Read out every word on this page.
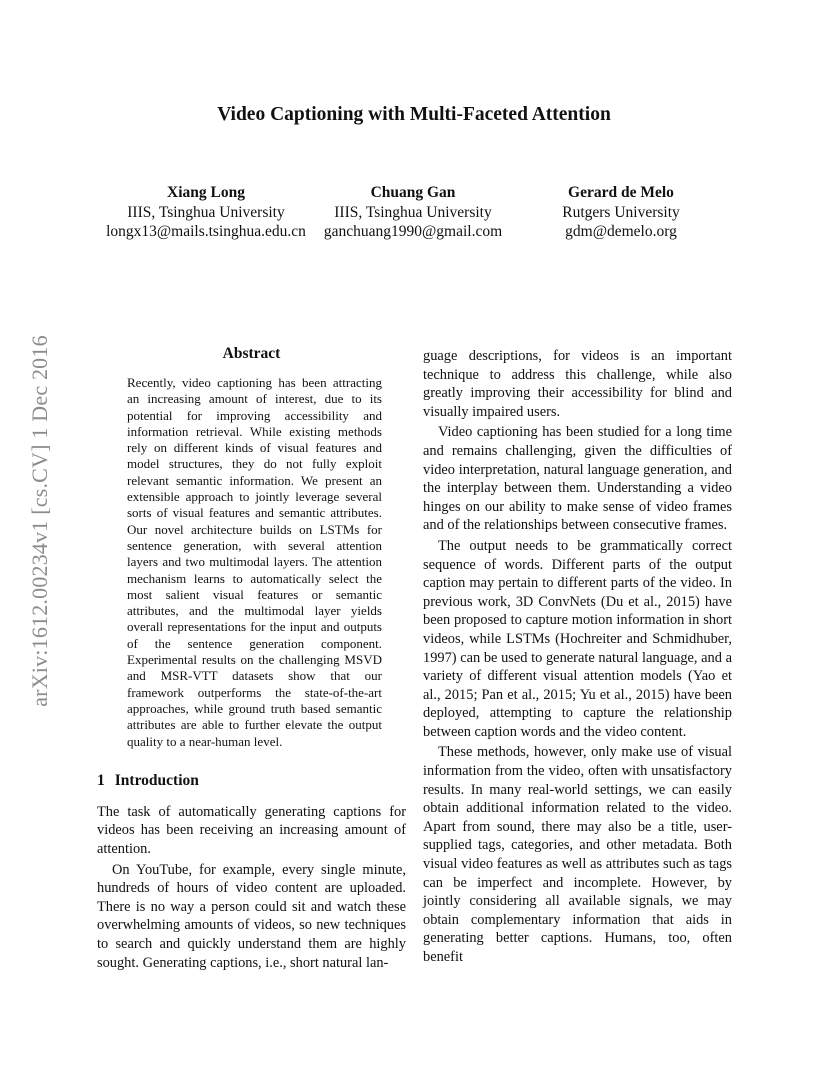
Video Captioning with Multi-Faceted Attention
Xiang Long
IIIS, Tsinghua University
longx13@mails.tsinghua.edu.cn
Chuang Gan
IIIS, Tsinghua University
ganchuang1990@gmail.com
Gerard de Melo
Rutgers University
gdm@demelo.org
arXiv:1612.00234v1 [cs.CV] 1 Dec 2016	Abstract
Recently, video captioning has been attracting an increasing amount of interest, due to its potential for improving accessibility and information retrieval. While existing methods rely on different kinds of visual features and model structures, they do not fully exploit relevant semantic information. We present an extensible approach to jointly leverage several sorts of visual features and semantic attributes. Our novel architecture builds on LSTMs for sentence generation, with several attention layers and two multimodal layers. The attention mechanism learns to automatically select the most salient visual features or semantic attributes, and the multimodal layer yields overall representations for the input and outputs of the sentence generation component. Experimental results on the challenging MSVD and MSR-VTT datasets show that our framework outperforms the state-of-the-art approaches, while ground truth based semantic attributes are able to further elevate the output quality to a near-human level.
1 Introduction

The task of automatically generating captions for videos has been receiving an increasing amount of attention.

On YouTube, for example, every single minute, hundreds of hours of video content are uploaded. There is no way a person could sit and watch these overwhelming amounts of videos, so new techniques to search and quickly understand them are highly sought. Generating captions, i.e., short natural lan-

guage descriptions, for videos is an important technique to address this challenge, while also greatly improving their accessibility for blind and visually impaired users.

Video captioning has been studied for a long time and remains challenging, given the difficulties of video interpretation, natural language generation, and the interplay between them. Understanding a video hinges on our ability to make sense of video frames and of the relationships between consecutive frames.

The output needs to be grammatically correct sequence of words. Different parts of the output caption may pertain to different parts of the video. In previous work, 3D ConvNets (Du et al., 2015) have been proposed to capture motion information in short videos, while LSTMs (Hochreiter and Schmidhuber, 1997) can be used to generate natural language, and a variety of different visual attention models (Yao et al., 2015; Pan et al., 2015; Yu et al., 2015) have been deployed, attempting to capture the relationship between caption words and the video content.

These methods, however, only make use of visual information from the video, often with unsatisfactory results. In many real-world settings, we can easily obtain additional information related to the video. Apart from sound, there may also be a title, user-supplied tags, categories, and other metadata. Both visual video features as well as attributes such as tags can be imperfect and incomplete. However, by jointly considering all available signals, we may obtain complementary information that aids in generating better captions. Humans, too, often benefit
